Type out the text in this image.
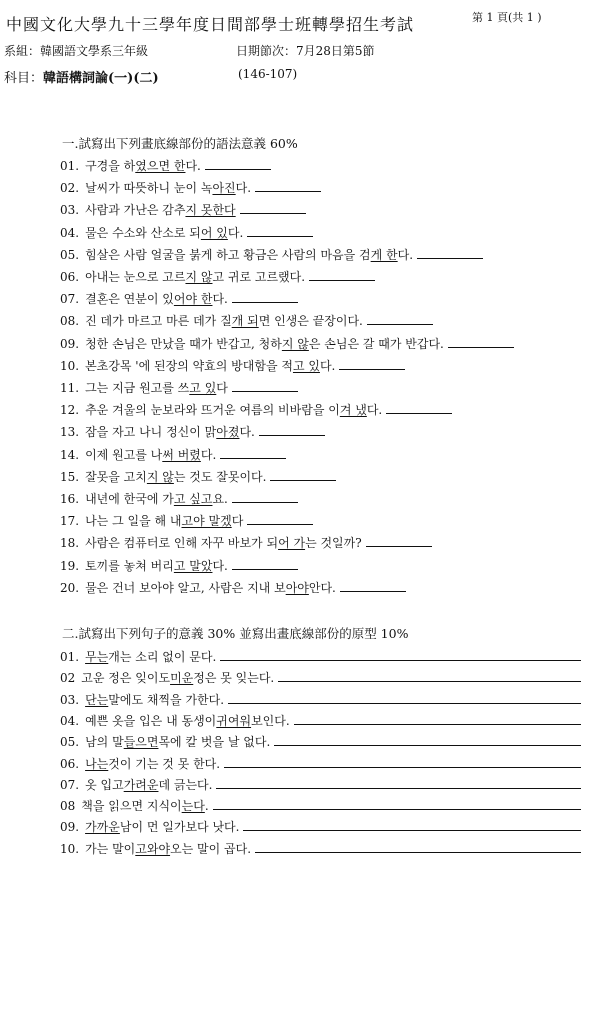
中國文化大學九十三學年度日間部學士班轉學招生考試	第 1 頁(共 1 )
系組：韓國語文學系三年級	日期節次：7月28日第5節
科目：韓語構詞論(一)(二)	(146-107)
一.試寫出下列畫底線部份的語法意義 60%
01. 구경을 하 였으면 한 다.
02. 날씨가 따뜻하니 눈이 녹 아진 다.
03. 사람과 가난은 감추 지 못한다
04. 물은 수소와 산소로 되 어 있 다.
05. 힘살은 사람 얼굴을 붉게 하고 황금은 사람의 마음을 검 게 한 다.
06. 아내는 눈으로 고르 지 않 고 귀로 고르랬다.
07. 결혼은 연분이 있 어야 한 다.
08. 진 데가 마르고 마른 데가 질 개 되 면 인생은 끝장이다.
09. 청한 손님은 만났을 때가 반갑고, 청하 지 않 은 손님은 갈 때가 반갑다.
10. 본초강목 '에 된장의 약효의 방대함을 적 고 있 다.
11. 그는 지금 원고를 쓰 고 있 다
12. 추운 겨울의 눈보라와 뜨거운 여름의 비바람을 이 겨 냈 다.
13. 잠을 자고 나니 정신이 맑 아졌 다.
14. 이제 원고를 나 써 버렸 다.
15. 잘못을 고치 지 않 는 것도 잘못이다.
16. 내년에 한국에 가 고 싶고 요.
17. 나는 그 일을 해 내 고야 말겠 다
18. 사람은 컴퓨터로 인해 자꾸 바보가 되 어 가 는 것일까?
19. 토끼를 놓쳐 버리 고 말았 다.
20. 물은 건너 보아야 알고, 사람은 지내 보 아야 안다.
二.試寫出下列句子的意義 30% 並寫出畫底線部份的原型 10%
01. 무는 개는 소리 없이 문다.
02 고운 정은 잊이도 미운 정은 못 잊는다.
03. 단는 말에도 채찍을 가한다.
04. 예쁜 옷을 입은 내 동생이 귀여워 보인다.
05. 남의 말 들으면 목에 칼 벗을 날 없다.
06. 나는 것이 기는 것 못 한다.
07. 옷 입고 가려운 데 긁는다.
08 책을 읽으면 지식이 는다 .
09. 가까운 남이 먼 일가보다 낫다.
10. 가는 말이 고와야 오는 말이 곱다.
